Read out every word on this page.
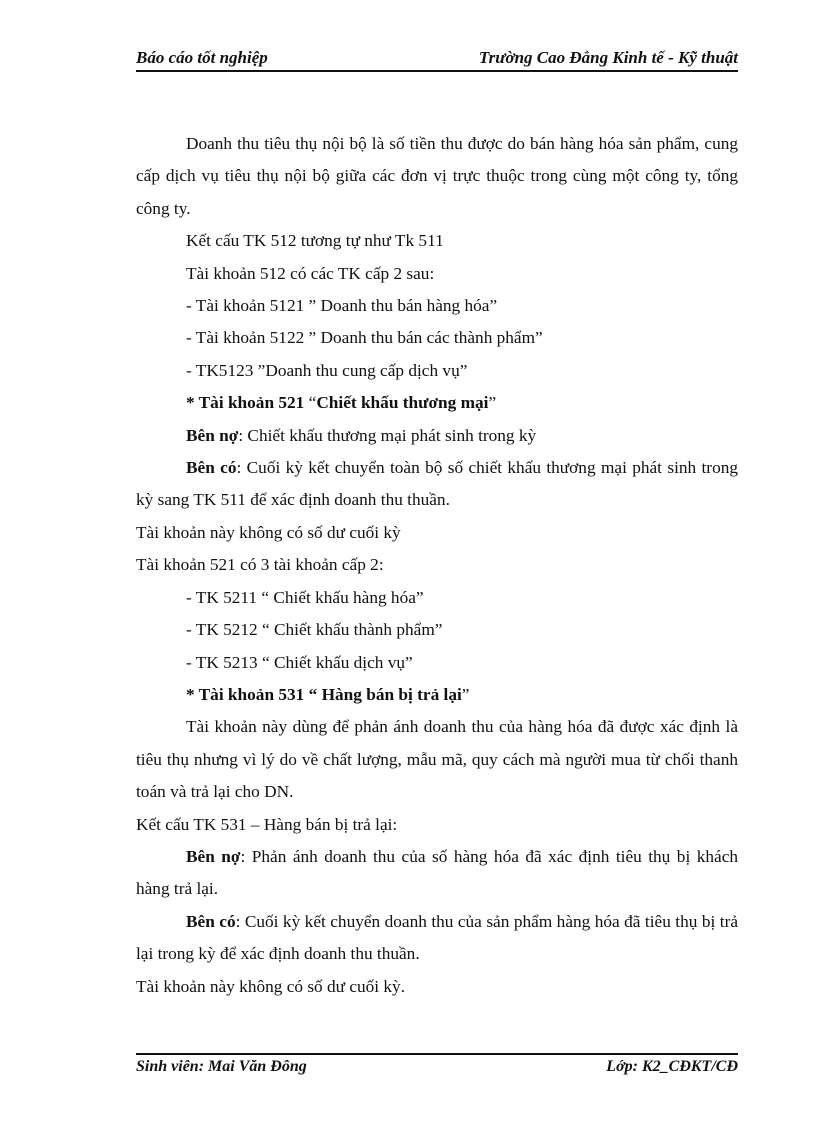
Báo cáo tốt nghiệp	Trường Cao Đẳng Kinh tế - Kỹ thuật

Doanh thu tiêu thụ nội bộ là số tiền thu được do bán hàng hóa sản phẩm, cung cấp dịch vụ tiêu thụ nội bộ giữa các đơn vị trực thuộc trong cùng một công ty, tổng công ty.

Kết cấu TK 512 tương tự như Tk 511

Tài khoản 512 có các TK cấp 2 sau:

- Tài khoản 5121 ” Doanh thu bán hàng hóa”

- Tài khoản 5122 ” Doanh thu bán các thành phẩm”

- TK5123 ”Doanh thu cung cấp dịch vụ”

* Tài khoản 521 “Chiết khấu thương mại”

Bên nợ: Chiết khấu thương mại phát sinh trong kỳ

Bên có: Cuối kỳ kết chuyển toàn bộ số chiết khấu thương mại phát sinh trong kỳ sang TK 511 để xác định doanh thu thuần.

Tài khoản này không có số dư cuối kỳ

Tài khoản 521 có 3 tài khoản cấp 2:

- TK 5211 “ Chiết khấu hàng hóa”

- TK 5212 “ Chiết khấu thành phẩm”

- TK 5213 “ Chiết khấu dịch vụ”

* Tài khoản 531 “ Hàng bán bị trả lại”

Tài khoản này dùng để phản ánh doanh thu của hàng hóa đã được xác định là tiêu thụ nhưng vì lý do về chất lượng, mẫu mã, quy cách mà người mua từ chối thanh toán và trả lại cho DN.

Kết cấu TK 531 – Hàng bán bị trả lại:

Bên nợ: Phản ánh doanh thu của số hàng hóa đã xác định tiêu thụ bị khách hàng trả lại.

Bên có: Cuối kỳ kết chuyển doanh thu của sản phẩm hàng hóa đã tiêu thụ bị trả lại trong kỳ để xác định doanh thu thuần.

Tài khoản này không có số dư cuối kỳ.

Sinh viên: Mai Văn Đông	Lớp: K2_CĐKT/CĐ
